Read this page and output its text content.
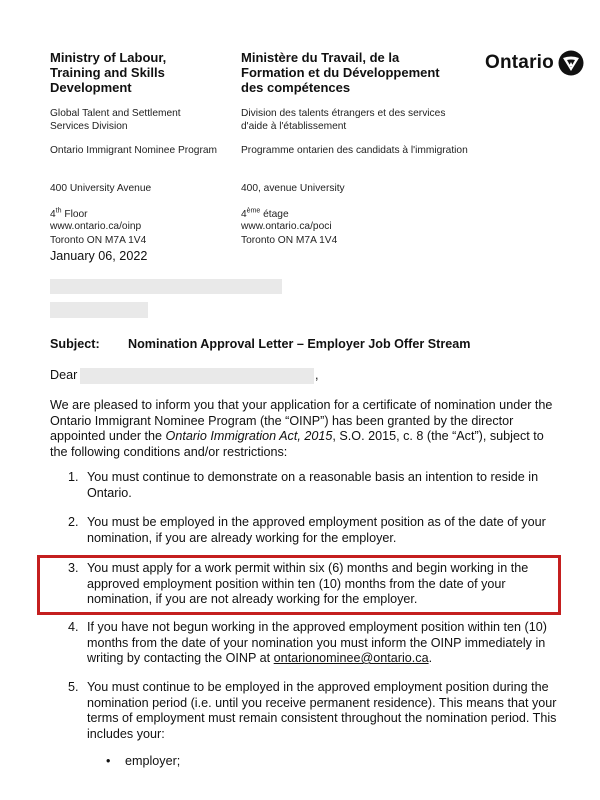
Ministry of Labour,
Training and Skills
Development
Global Talent and Settlement
Services Division
Ontario Immigrant Nominee Program

400 University Avenue

4th Floor

Toronto ON M7A 1V4

www.ontario.ca/oinp
Ministère du Travail, de la
Formation et du Développement
des compétences
Division des talents étrangers et des services
d'aide à l'établissement
Programme ontarien des candidats à l'immigration

400, avenue University

4ème étage

Toronto ON M7A 1V4

www.ontario.ca/poci
Ontario
January 06, 2022
Subject: Nomination Approval Letter – Employer Job Offer Stream
Dear	,
We are pleased to inform you that your application for a certificate of nomination under the Ontario Immigrant Nominee Program (the “OINP”) has been granted by the director appointed under the Ontario Immigration Act, 2015, S.O. 2015, c. 8 (the “Act”), subject to the following conditions and/or restrictions:
1. You must continue to demonstrate on a reasonable basis an intention to reside in Ontario.
2. You must be employed in the approved employment position as of the date of your nomination, if you are already working for the employer.
3. You must apply for a work permit within six (6) months and begin working in the approved employment position within ten (10) months from the date of your nomination, if you are not already working for the employer.
4. If you have not begun working in the approved employment position within ten (10) months from the date of your nomination you must inform the OINP immediately in writing by contacting the OINP at ontarionominee@ontario.ca.
5. You must continue to be employed in the approved employment position during the nomination period (i.e. until you receive permanent residence). This means that your terms of employment must remain consistent throughout the nomination period. This includes your:
• employer;
